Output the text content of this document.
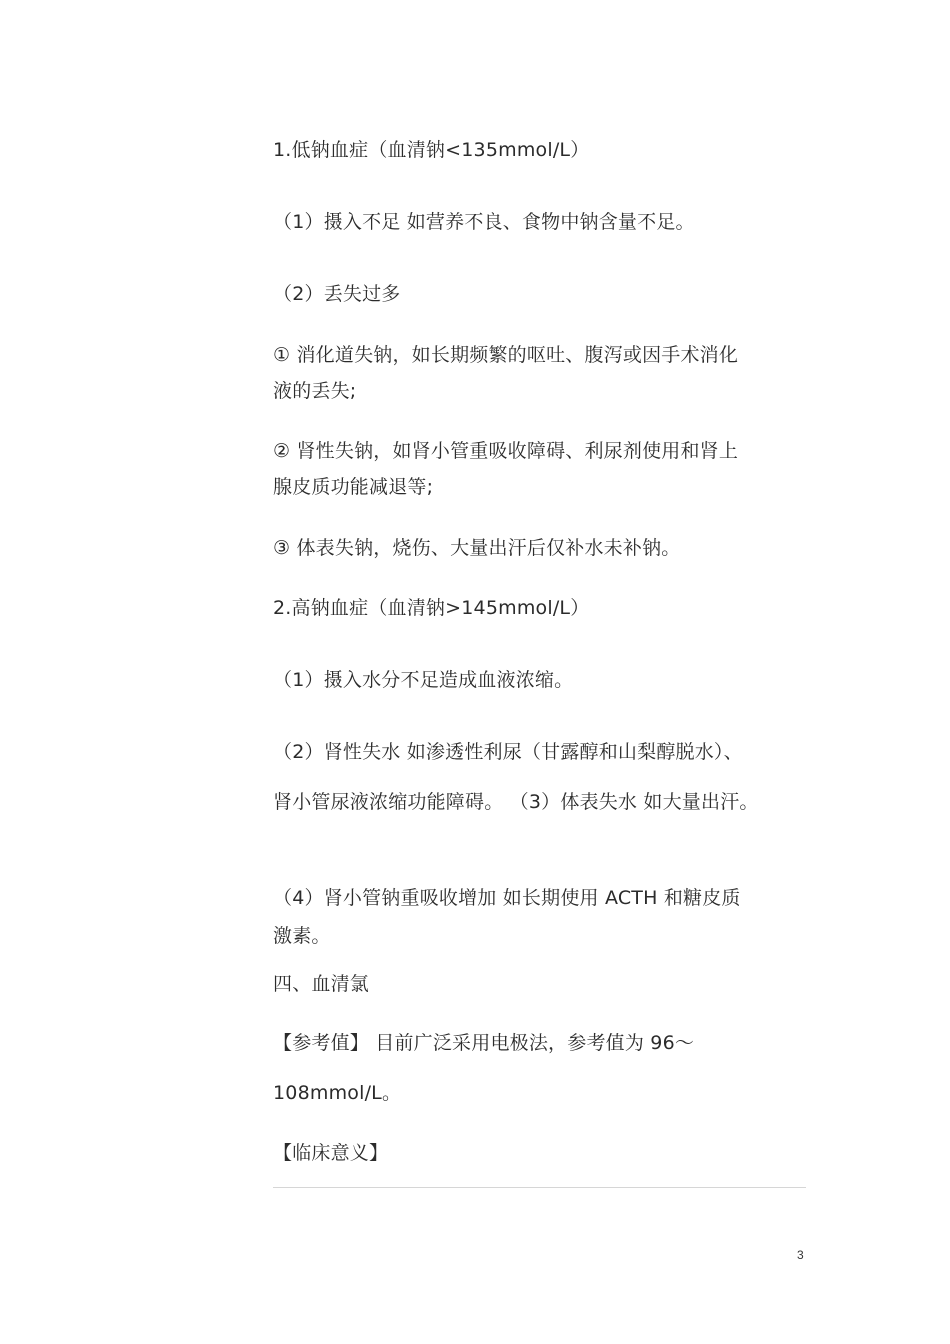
1.低钠血症（血清钠<135mmol/L）
（1）摄入不足 如营养不良、食物中钠含量不足。
（2）丢失过多
① 消化道失钠，如长期频繁的呕吐、腹泻或因手术消化
液的丢失;
② 肾性失钠，如肾小管重吸收障碍、利尿剂使用和肾上
腺皮质功能减退等;
③ 体表失钠，烧伤、大量出汗后仅补水未补钠。
2.高钠血症（血清钠>145mmol/L）
（1）摄入水分不足造成血液浓缩。
（2）肾性失水 如渗透性利尿（甘露醇和山梨醇脱水）、
肾小管尿液浓缩功能障碍。 （3）体表失水 如大量出汗。
（4）肾小管钠重吸收增加 如长期使用 ACTH 和糖皮质
激素。
四、血清氯
【参考值】 目前广泛采用电极法，参考值为 96～
108mmol/L。
【临床意义】
3
